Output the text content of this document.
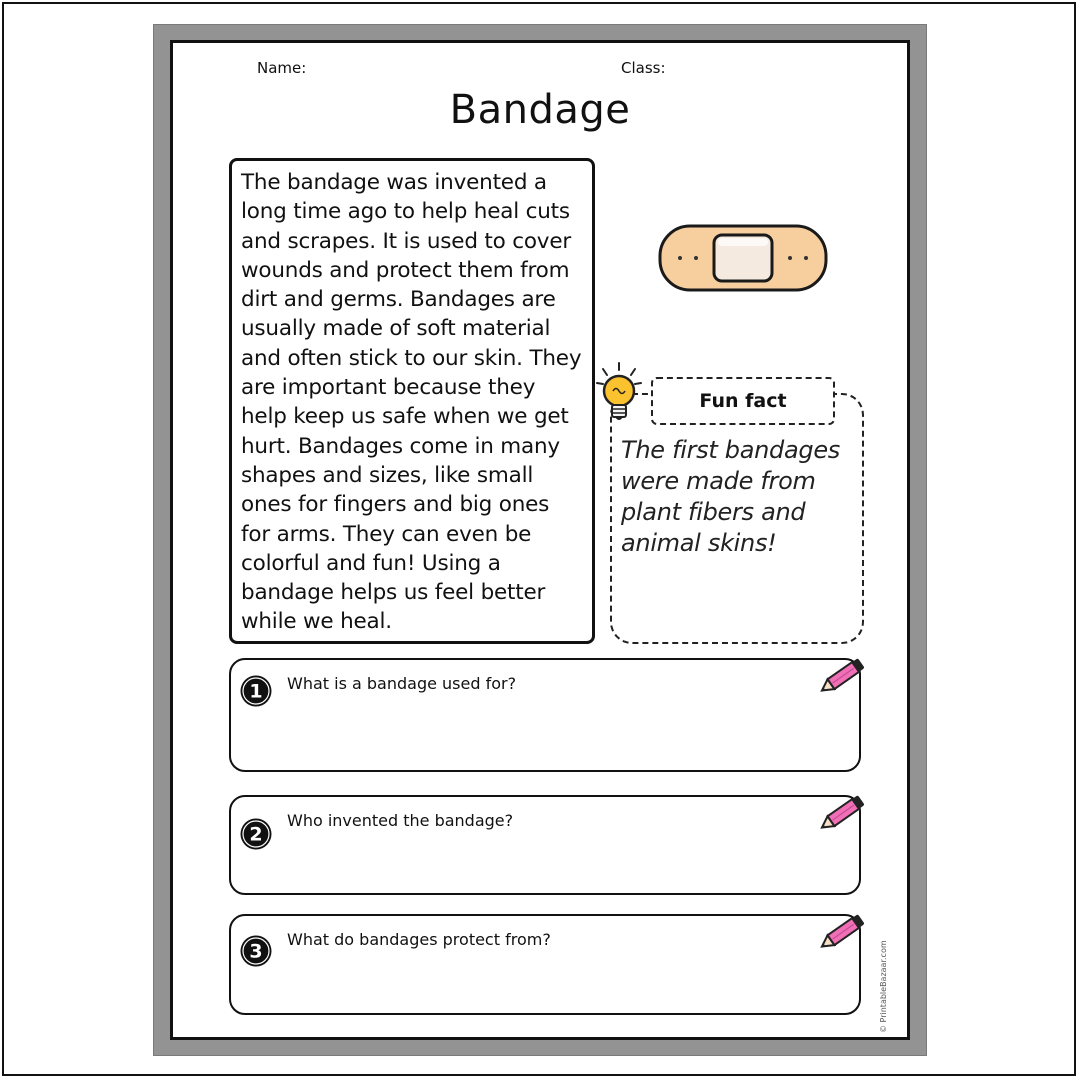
Name:	Class:
Bandage
The bandage was invented a long time ago to help heal cuts and scrapes. It is used to cover wounds and protect them from dirt and germs. Bandages are usually made of soft material and often stick to our skin. They are important because they help keep us safe when we get hurt. Bandages come in many shapes and sizes, like small ones for fingers and big ones for arms. They can even be colorful and fun! Using a bandage helps us feel better while we heal.
Fun fact
The first bandages were made from plant fibers and animal skins!
1 What is a bandage used for?
2
Who invented the bandage?
3
What do bandages protect from?
© PrintableBazaar.com
